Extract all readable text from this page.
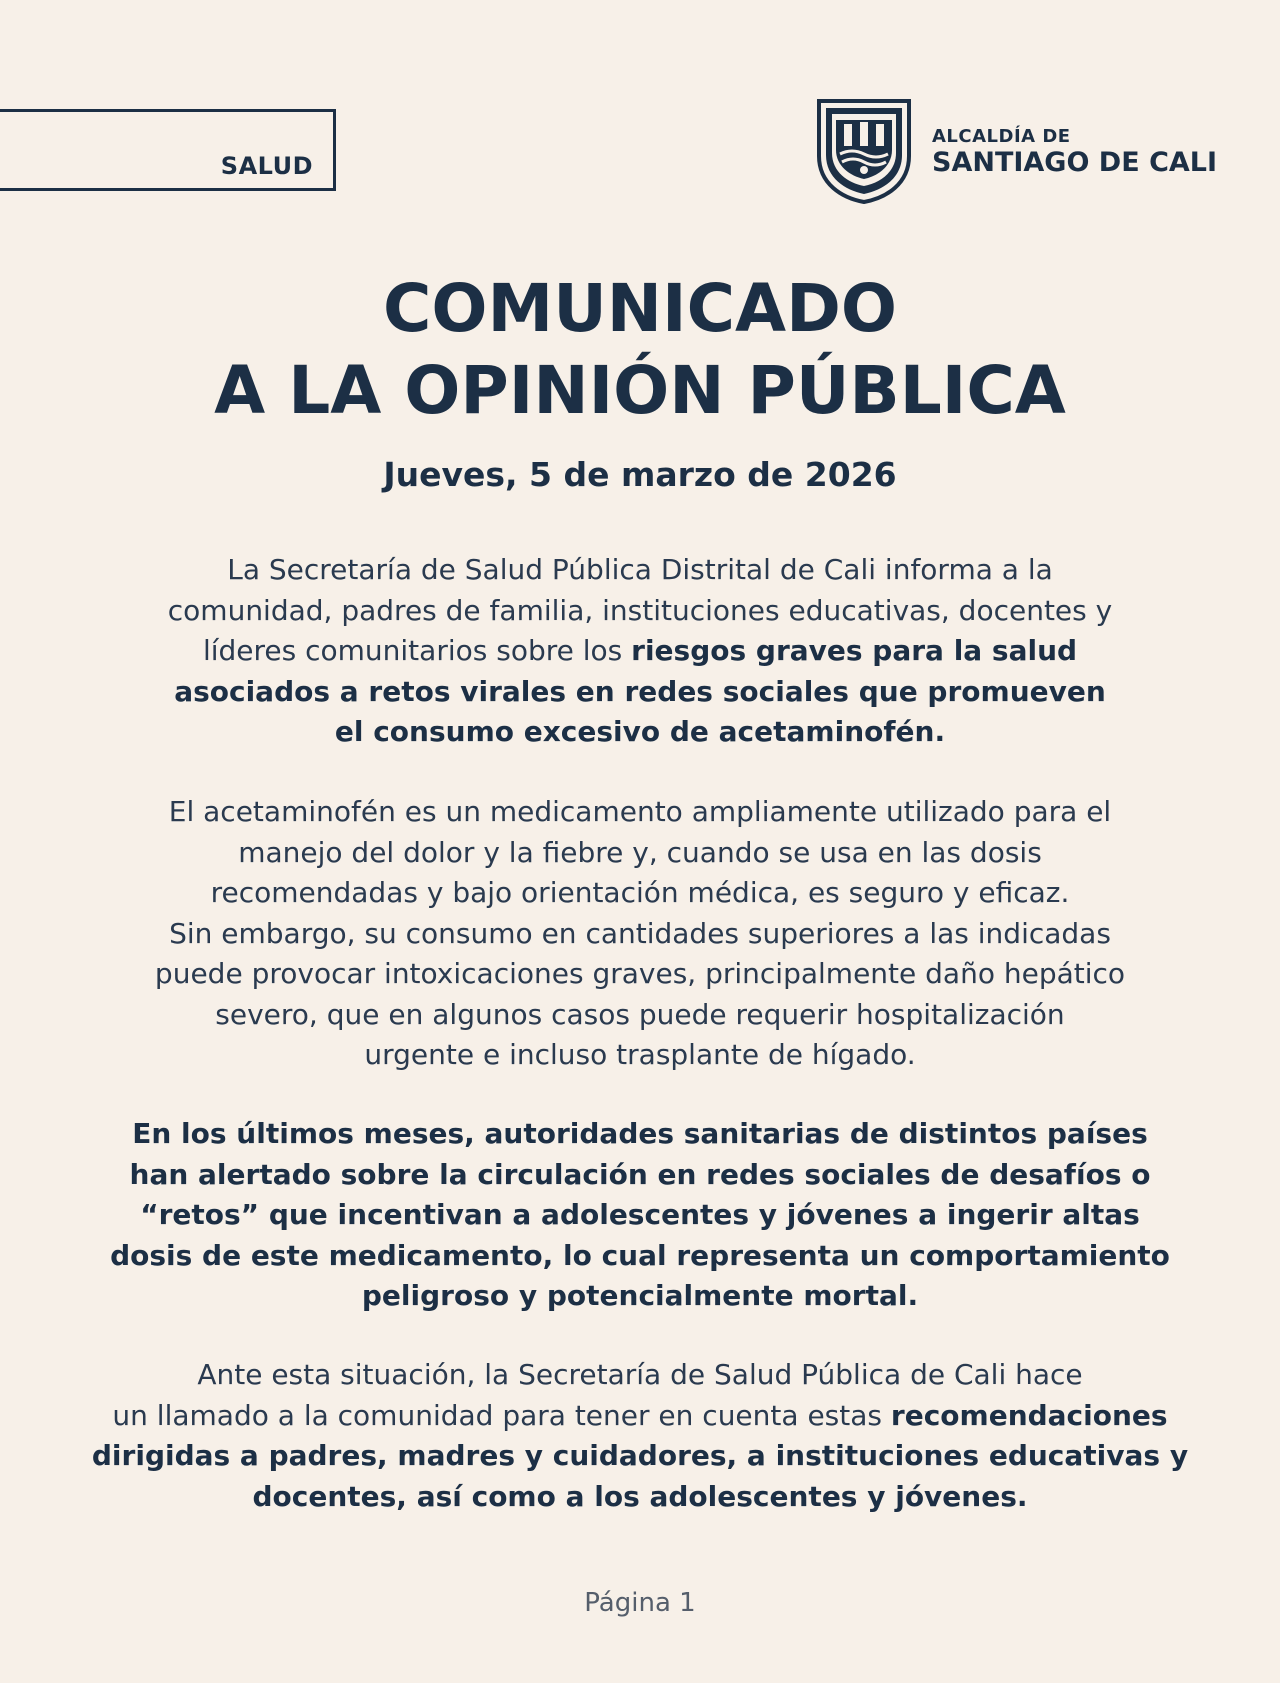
SALUD
ALCALDÍA DE
SANTIAGO DE CALI
COMUNICADO
A LA OPINIÓN PÚBLICA
Jueves, 5 de marzo de 2026

La Secretaría de Salud Pública Distrital de Cali informa a la
comunidad, padres de familia, instituciones educativas, docentes y
líderes comunitarios sobre los riesgos graves para la salud
asociados a retos virales en redes sociales que promueven
el consumo excesivo de acetaminofén.

El acetaminofén es un medicamento ampliamente utilizado para el
manejo del dolor y la fiebre y, cuando se usa en las dosis
recomendadas y bajo orientación médica, es seguro y eficaz.
Sin embargo, su consumo en cantidades superiores a las indicadas
puede provocar intoxicaciones graves, principalmente daño hepático
severo, que en algunos casos puede requerir hospitalización
urgente e incluso trasplante de hígado.

En los últimos meses, autoridades sanitarias de distintos países
han alertado sobre la circulación en redes sociales de desafíos o
“retos” que incentivan a adolescentes y jóvenes a ingerir altas
dosis de este medicamento, lo cual representa un comportamiento
peligroso y potencialmente mortal.

Ante esta situación, la Secretaría de Salud Pública de Cali hace
un llamado a la comunidad para tener en cuenta estas recomendaciones
dirigidas a padres, madres y cuidadores, a instituciones educativas y
docentes, así como a los adolescentes y jóvenes.

Página 1
